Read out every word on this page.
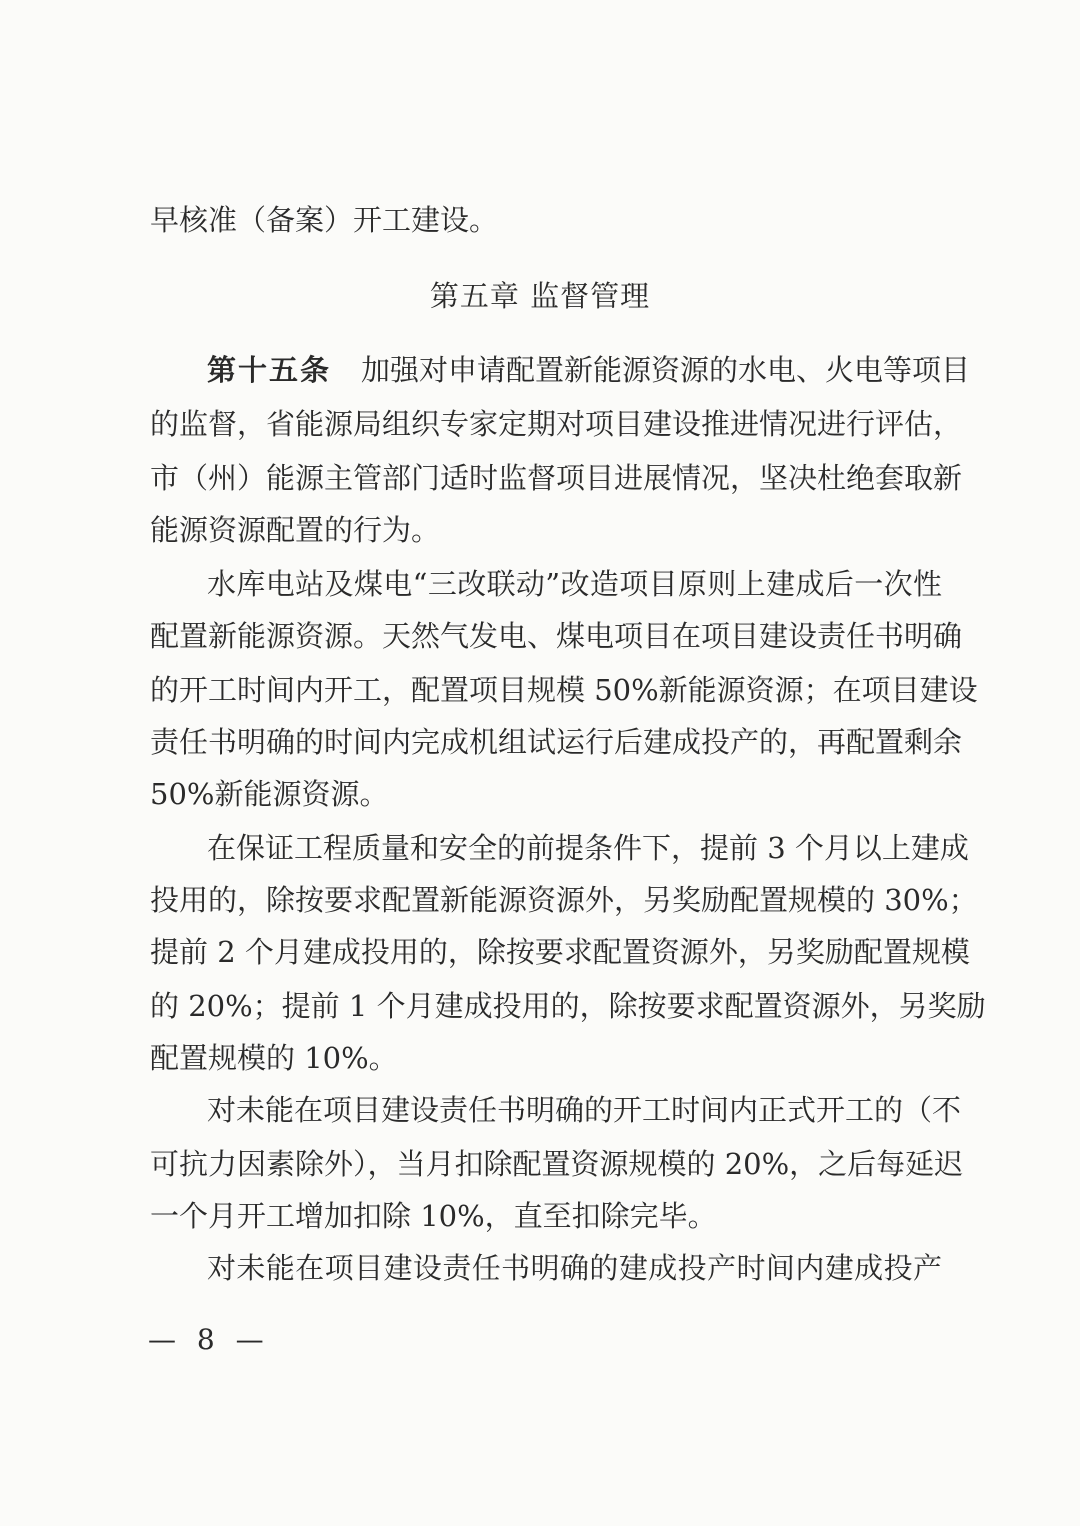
早核准（备案）开工建设。
第五章 监督管理
第十五条 加强对申请配置新能源资源的水电、火电等项目
的监督，省能源局组织专家定期对项目建设推进情况进行评估，
市（州）能源主管部门适时监督项目进展情况，坚决杜绝套取新
能源资源配置的行为。
水库电站及煤电“三改联动”改造项目原则上建成后一次性
配置新能源资源。天然气发电、煤电项目在项目建设责任书明确
的开工时间内开工，配置项目规模 50%新能源资源；在项目建设
责任书明确的时间内完成机组试运行后建成投产的，再配置剩余
50%新能源资源。
在保证工程质量和安全的前提条件下，提前 3 个月以上建成
投用的，除按要求配置新能源资源外，另奖励配置规模的 30%；
提前 2 个月建成投用的，除按要求配置资源外，另奖励配置规模
的 20%；提前 1 个月建成投用的，除按要求配置资源外，另奖励
配置规模的 10%。
对未能在项目建设责任书明确的开工时间内正式开工的（不
可抗力因素除外），当月扣除配置资源规模的 20%，之后每延迟
一个月开工增加扣除 10%，直至扣除完毕。
对未能在项目建设责任书明确的建成投产时间内建成投产
— 8 —
